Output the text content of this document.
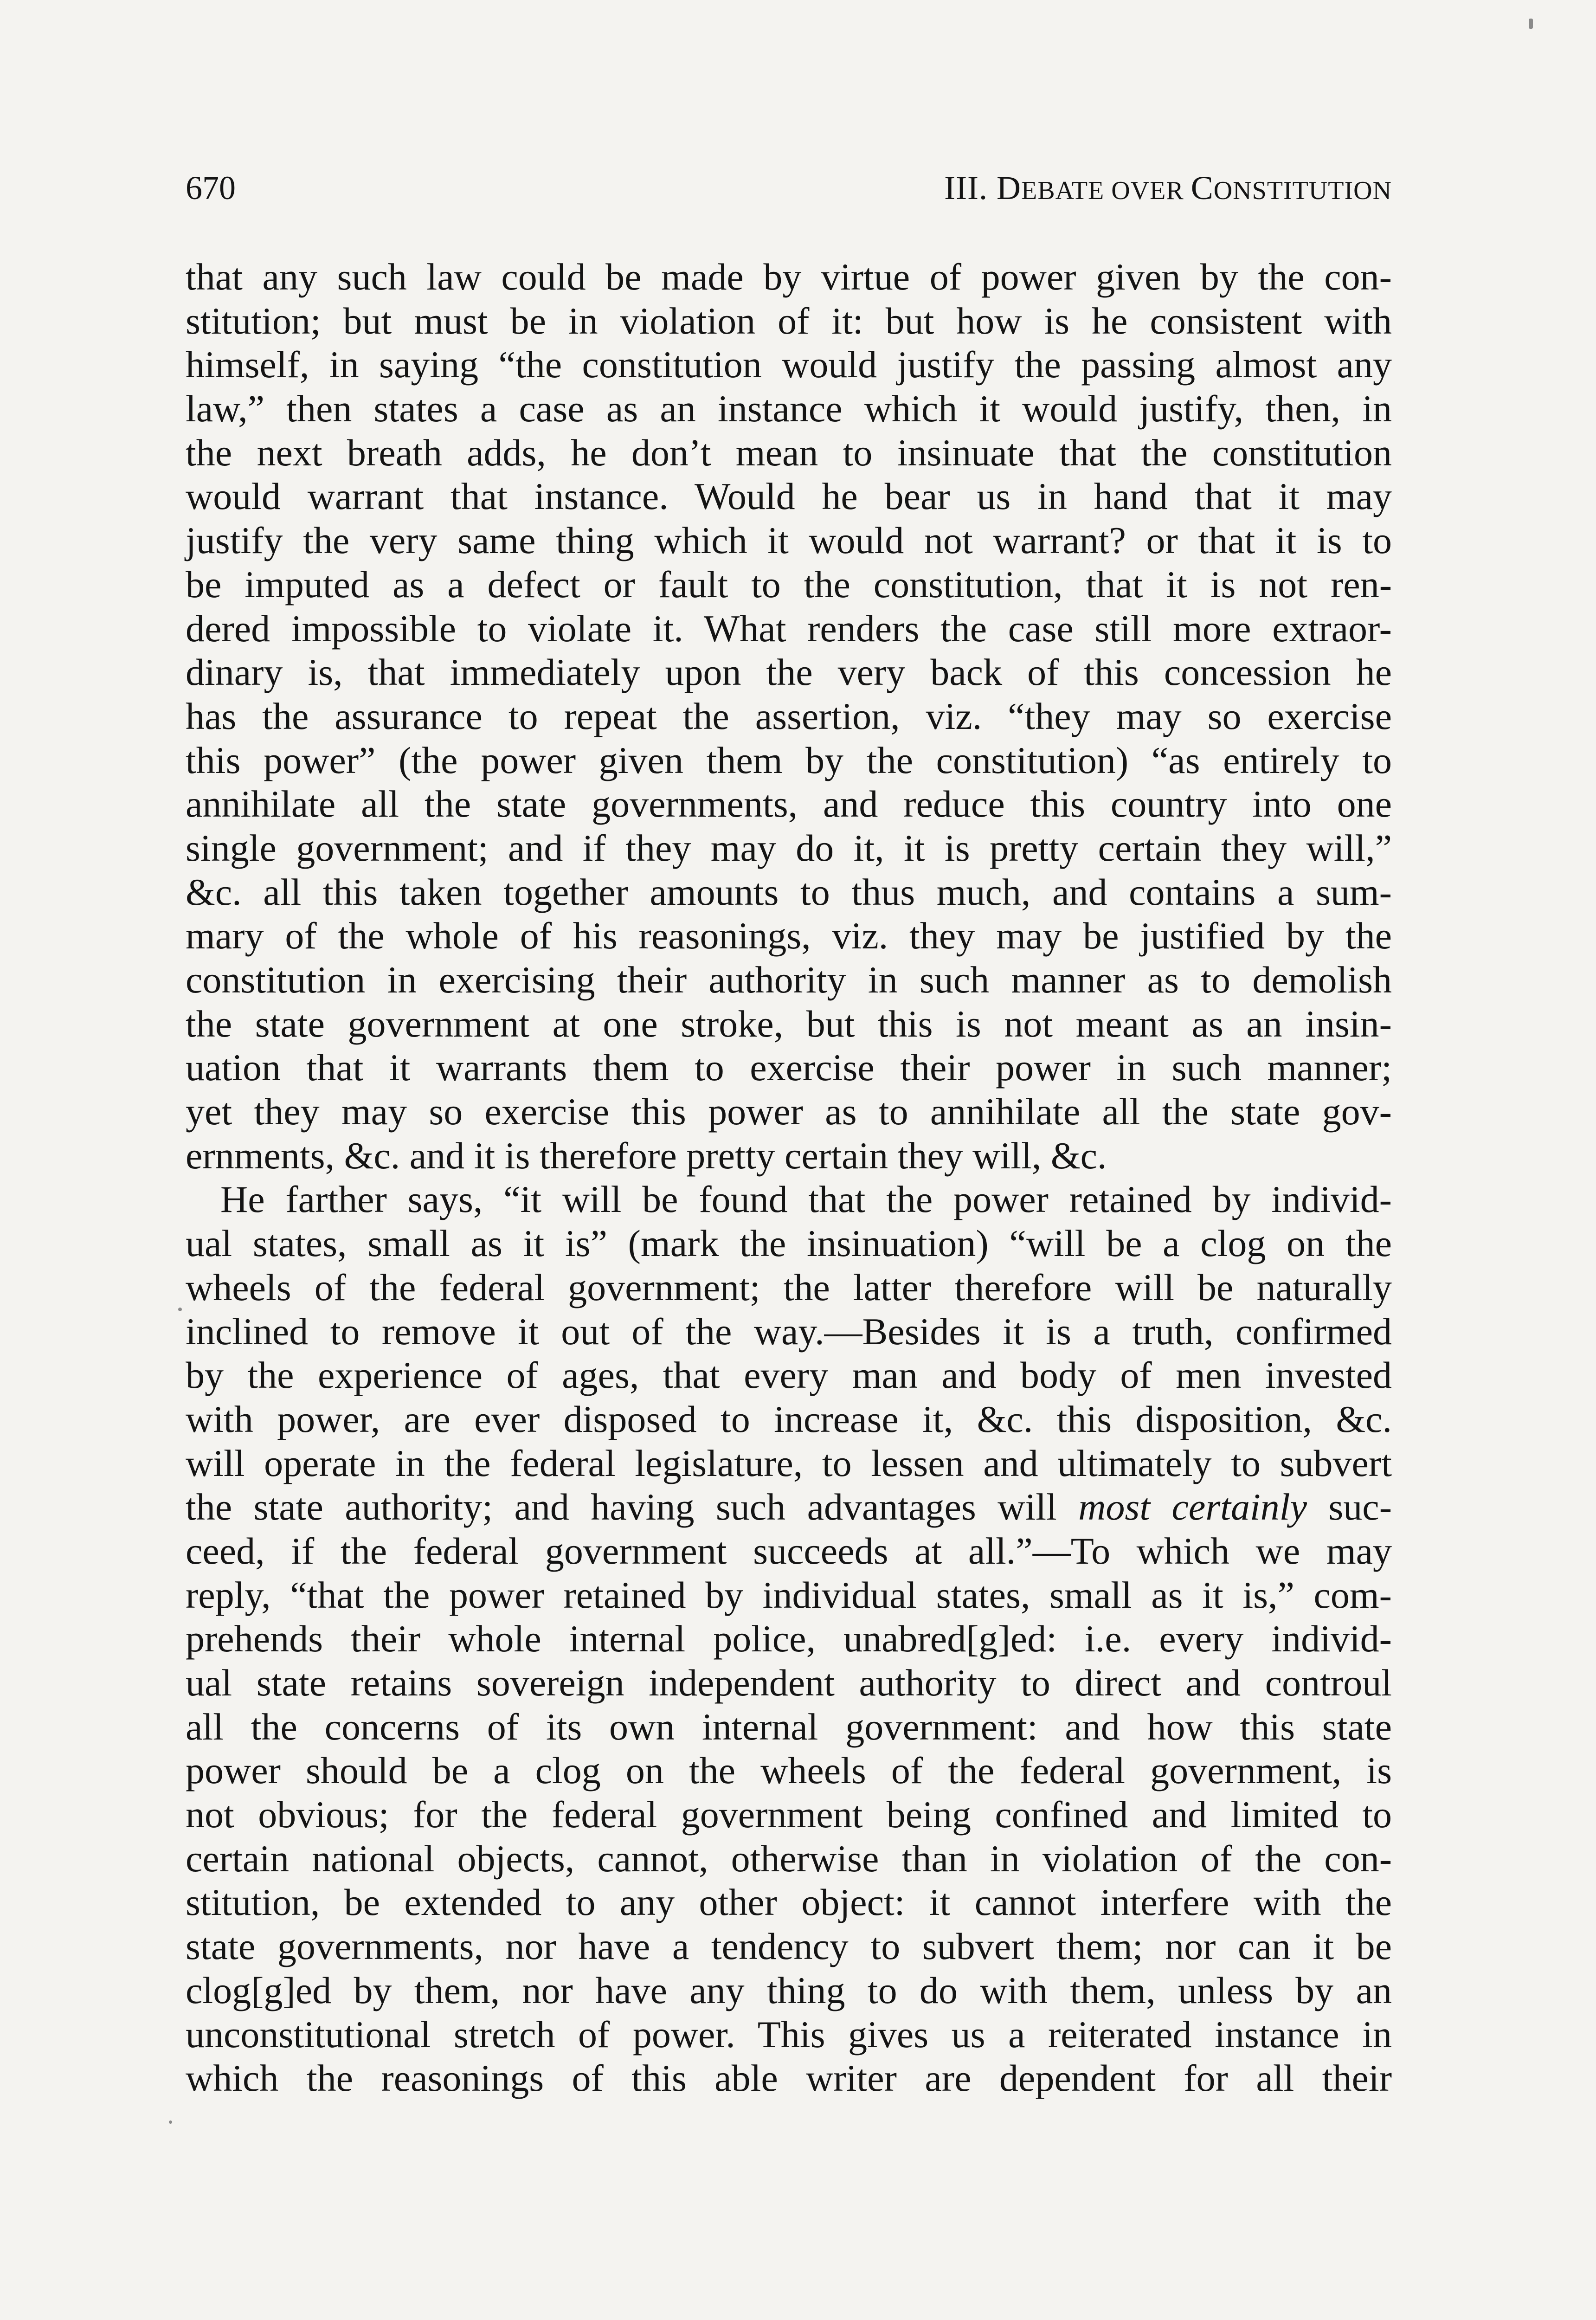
670	III. DEBATE OVER CONSTITUTION
that any such law could be made by virtue of power given by the con-
stitution; but must be in violation of it: but how is he consistent with
himself, in saying “the constitution would justify the passing almost any
law,” then states a case as an instance which it would justify, then, in
the next breath adds, he don’t mean to insinuate that the constitution
would warrant that instance. Would he bear us in hand that it may
justify the very same thing which it would not warrant? or that it is to
be imputed as a defect or fault to the constitution, that it is not ren-
dered impossible to violate it. What renders the case still more extraor-
dinary is, that immediately upon the very back of this concession he
has the assurance to repeat the assertion, viz. “they may so exercise
this power” (the power given them by the constitution) “as entirely to
annihilate all the state governments, and reduce this country into one
single government; and if they may do it, it is pretty certain they will,”
&c. all this taken together amounts to thus much, and contains a sum-
mary of the whole of his reasonings, viz. they may be justified by the
constitution in exercising their authority in such manner as to demolish
the state government at one stroke, but this is not meant as an insin-
uation that it warrants them to exercise their power in such manner;
yet they may so exercise this power as to annihilate all the state gov-
ernments, &c. and it is therefore pretty certain they will, &c.
He farther says, “it will be found that the power retained by individ-
ual states, small as it is” (mark the insinuation) “will be a clog on the
wheels of the federal government; the latter therefore will be naturally
inclined to remove it out of the way.—Besides it is a truth, confirmed
by the experience of ages, that every man and body of men invested
with power, are ever disposed to increase it, &c. this disposition, &c.
will operate in the federal legislature, to lessen and ultimately to subvert
the state authority; and having such advantages will most certainly suc-
ceed, if the federal government succeeds at all.”—To which we may
reply, “that the power retained by individual states, small as it is,” com-
prehends their whole internal police, unabred[g]ed: i.e. every individ-
ual state retains sovereign independent authority to direct and controul
all the concerns of its own internal government: and how this state
power should be a clog on the wheels of the federal government, is
not obvious; for the federal government being confined and limited to
certain national objects, cannot, otherwise than in violation of the con-
stitution, be extended to any other object: it cannot interfere with the
state governments, nor have a tendency to subvert them; nor can it be
clog[g]ed by them, nor have any thing to do with them, unless by an
unconstitutional stretch of power. This gives us a reiterated instance in
which the reasonings of this able writer are dependent for all their
